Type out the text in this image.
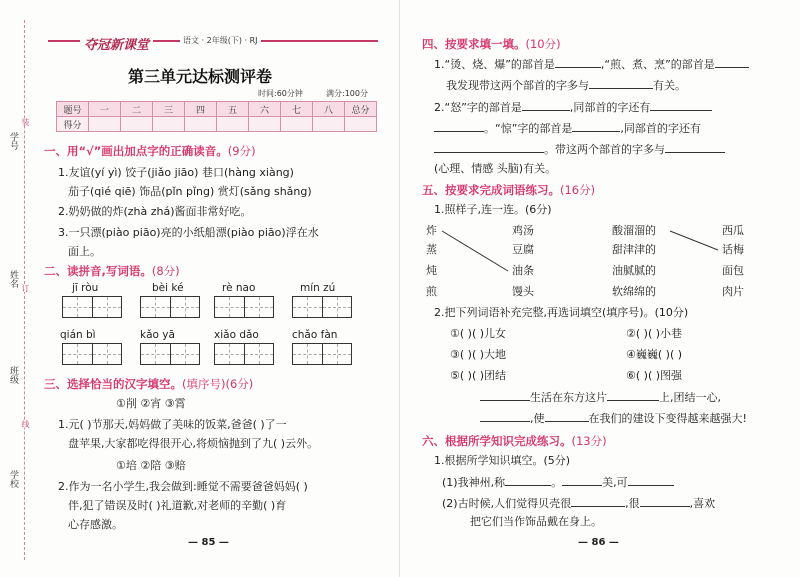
学号
姓名
班级
学校
装
订
线
夺冠新课堂	语文 · 2年级(下) · RJ
第三单元达标测评卷
时间:60分钟	满分:100分
题号	一	二	三	四	五	六	七	八	总分
得分									
一、用“√”画出加点字的正确读音。(9分)
1.友谊(yí yì) 饺子(jiǎo jiāo) 巷口(hàng xiàng)
茄子(qié qiē) 饰品(pǐn pǐng) 赏灯(sǎng shǎng)
2.奶奶做的炸(zhà zhá)酱面非常好吃。
3.一只漂(piào piāo)亮的小纸船漂(piào piāo)浮在水
面上。
二、读拼音,写词语。(8分)
jī ròu	bèi ké	rè nao	mín zú
qián bì	kǎo yā	xiǎo dǎo	chǎo fàn
三、选择恰当的汉字填空。(填序号)(6分)
①削 ②宵 ③霄
1.元( )节那天,妈妈做了美味的饭菜,爸爸( )了一
盘苹果,大家都吃得很开心,将烦恼抛到了九( )云外。
①培 ②陪 ③赔
2.作为一名小学生,我会做到:睡觉不需要爸爸妈妈( )
伴,犯了错误及时( )礼道歉,对老师的辛勤( )育
心存感激。
— 85 —
四、按要求填一填。(10分)
1.“烫、烧、爆”的部首是	,“煎、煮、烹”的部首是
我发现带这两个部首的字多与	有关。
2.“怒”字的部首是	,同部首的字还有
。“惊”字的部首是	,同部首的字还有
。带这两个部首的字多与
(心理、情感 头脑)有关。
五、按要求完成词语练习。(16分)
1.照样子,连一连。(6分)
炸
蒸
炖
煎
鸡汤
豆腐
油条
馒头
酸溜溜的
甜津津的
油腻腻的
软绵绵的
西瓜
话梅
面包
肉片
2.把下列词语补充完整,再选词填空(填序号)。(10分)
①( )( )儿女	②( )( )小巷
③( )( )大地	④巍巍( )( )
⑤( )( )团结	⑥( )( )图强
生活在东方这片	上,团结一心,
,使	在我们的建设下变得越来越强大!
六、根据所学知识完成练习。(13分)
1.根据所学知识填空。(5分)
(1)我神州,称	。	美,可
(2)古时候,人们觉得贝壳很	,很	,喜欢
把它们当作饰品戴在身上。
— 86 —
